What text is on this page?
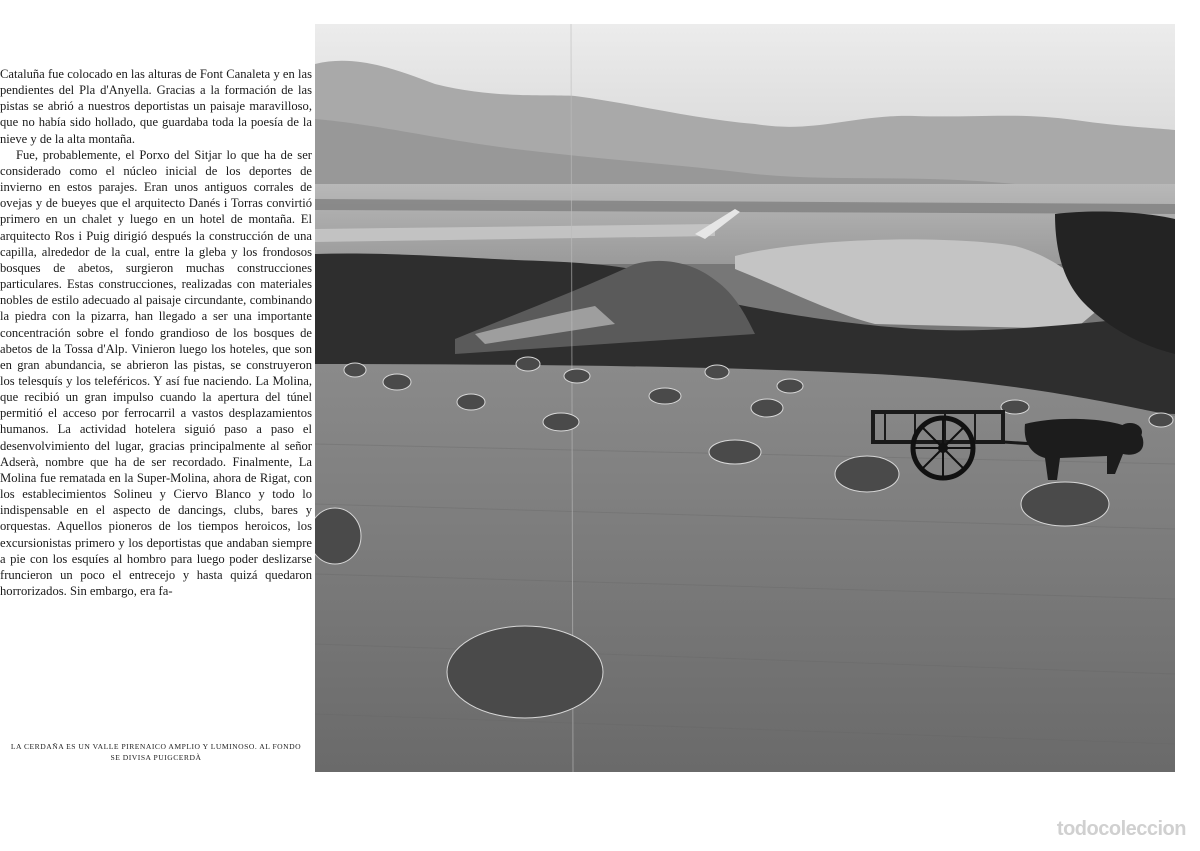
Cataluña fue colocado en las alturas de Font Canaleta y en las pendientes del Pla d'Anyella. Gracias a la formación de las pistas se abrió a nuestros deportistas un paisaje maravilloso, que no había sido hollado, que guardaba toda la poesía de la nieve y de la alta montaña.

Fue, probablemente, el Porxo del Sitjar lo que ha de ser considerado como el núcleo inicial de los deportes de invierno en estos parajes. Eran unos antiguos corrales de ovejas y de bueyes que el arquitecto Danés i Torras convirtió primero en un chalet y luego en un hotel de montaña. El arquitecto Ros i Puig dirigió después la construcción de una capilla, alrededor de la cual, entre la gleba y los frondosos bosques de abetos, surgieron muchas construcciones particulares. Estas construcciones, realizadas con materiales nobles de estilo adecuado al paisaje circundante, combinando la piedra con la pizarra, han llegado a ser una importante concentración sobre el fondo grandioso de los bosques de abetos de la Tossa d'Alp. Vinieron luego los hoteles, que son en gran abundancia, se abrieron las pistas, se construyeron los telesquís y los teleféricos. Y así fue naciendo. La Molina, que recibió un gran impulso cuando la apertura del túnel permitió el acceso por ferrocarril a vastos desplazamientos humanos. La actividad hotelera siguió paso a paso el desenvolvimiento del lugar, gracias principalmente al señor Adserà, nombre que ha de ser recordado. Finalmente, La Molina fue rematada en la Super-Molina, ahora de Rigat, con los establecimientos Solineu y Ciervo Blanco y todo lo indispensable en el aspecto de dancings, clubs, bares y orquestas. Aquellos pioneros de los tiempos heroicos, los excursionistas primero y los deportistas que andaban siempre a pie con los esquíes al hombro para luego poder deslizarse fruncieron un poco el entrecejo y hasta quizá quedaron horrorizados. Sin embargo, era fa-

LA CERDAÑA ES UN VALLE PIRENAICO AMPLIO Y LUMINOSO. AL FONDO
SE DIVISA PUIGCERDÀ
todocoleccion
